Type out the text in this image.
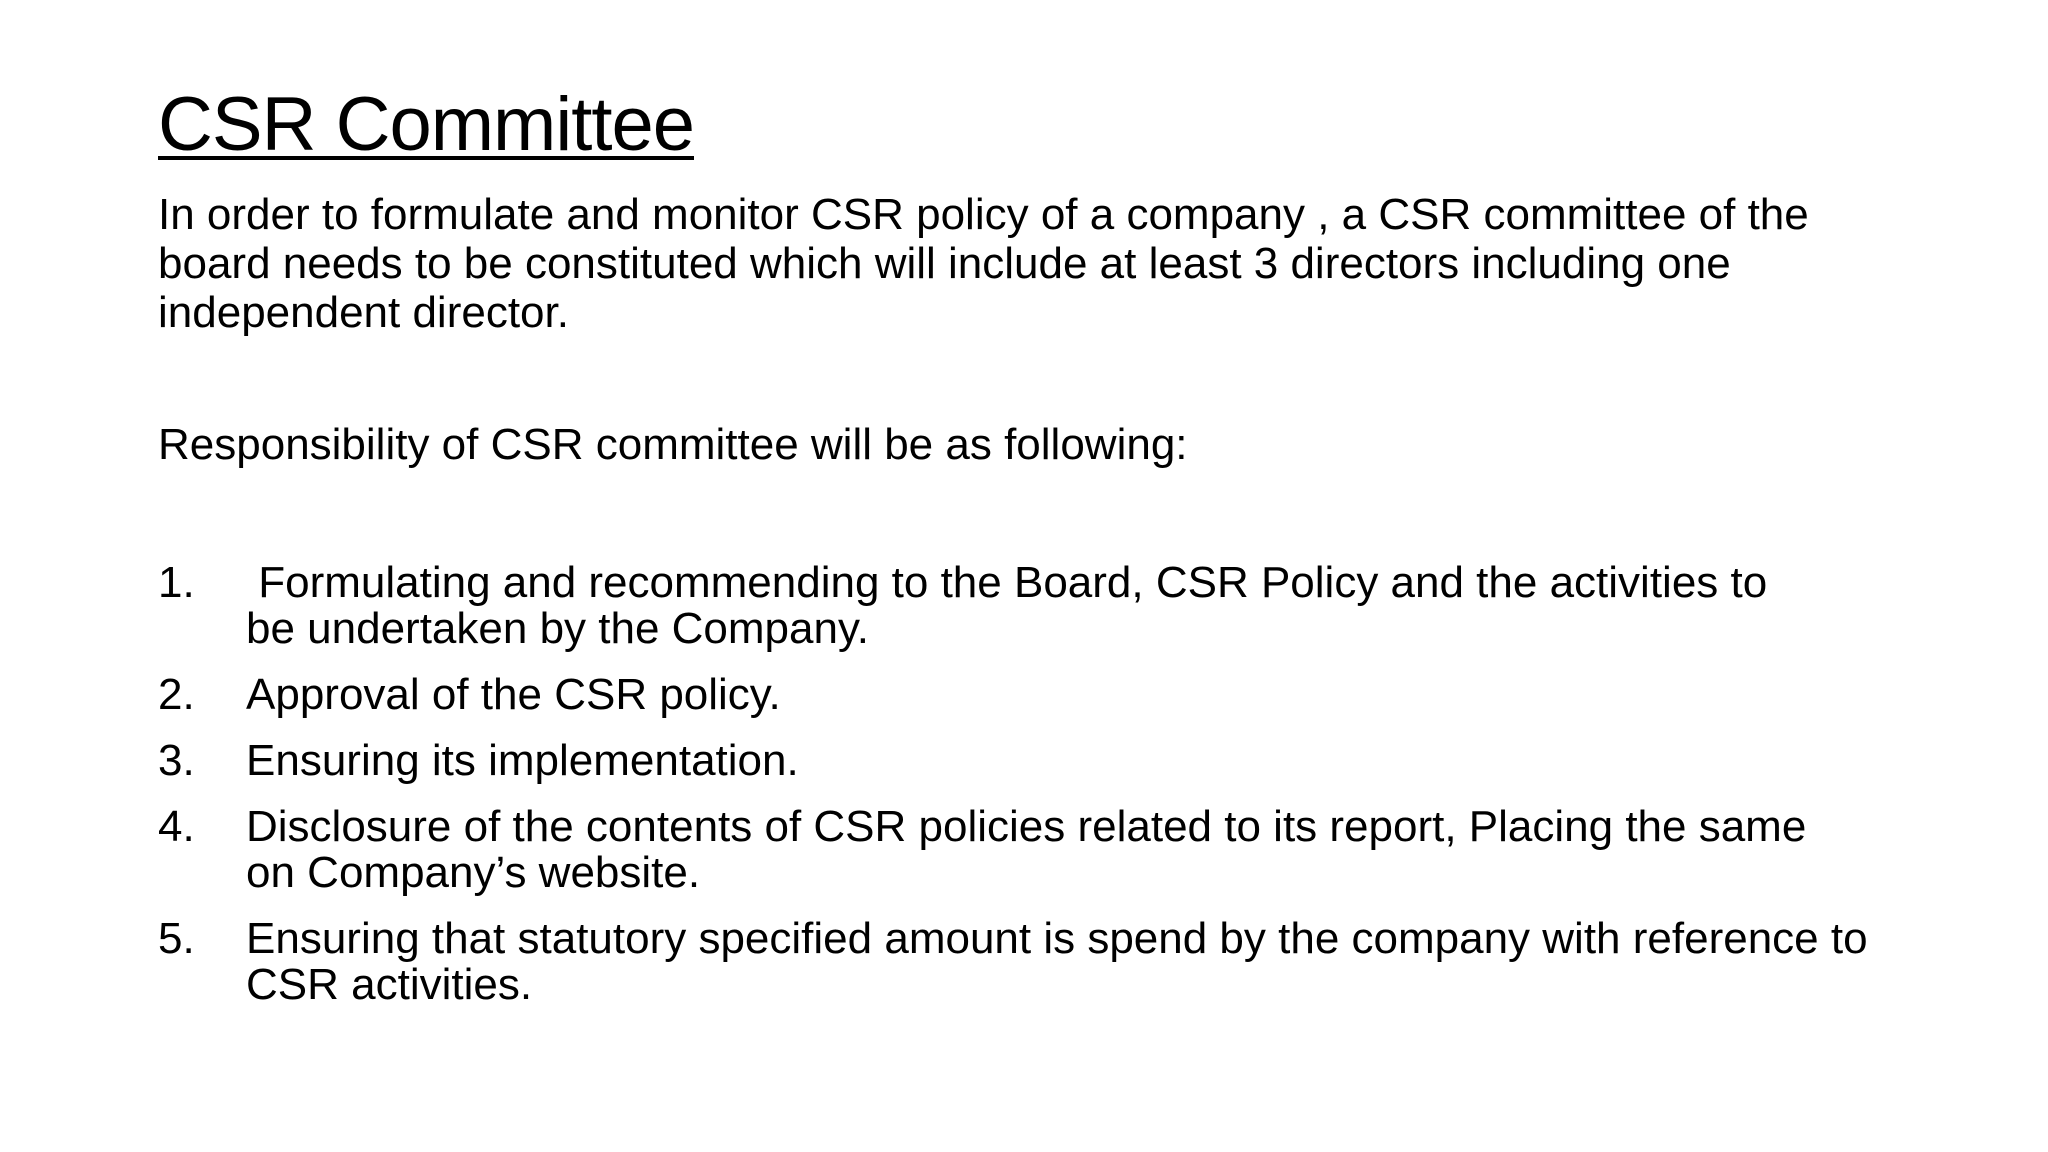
CSR Committee

In order to formulate and monitor CSR policy of a company , a CSR committee of the board needs to be constituted which will include at least 3 directors including one independent director.

Responsibility of CSR committee will be as following:

1.	Formulating and recommending to the Board, CSR Policy and the activities to be undertaken by the Company.
2.	Approval of the CSR policy.
3.	Ensuring its implementation.
4.	Disclosure of the contents of CSR policies related to its report, Placing the same on Company’s website.
5.	Ensuring that statutory specified amount is spend by the company with reference to CSR activities.
